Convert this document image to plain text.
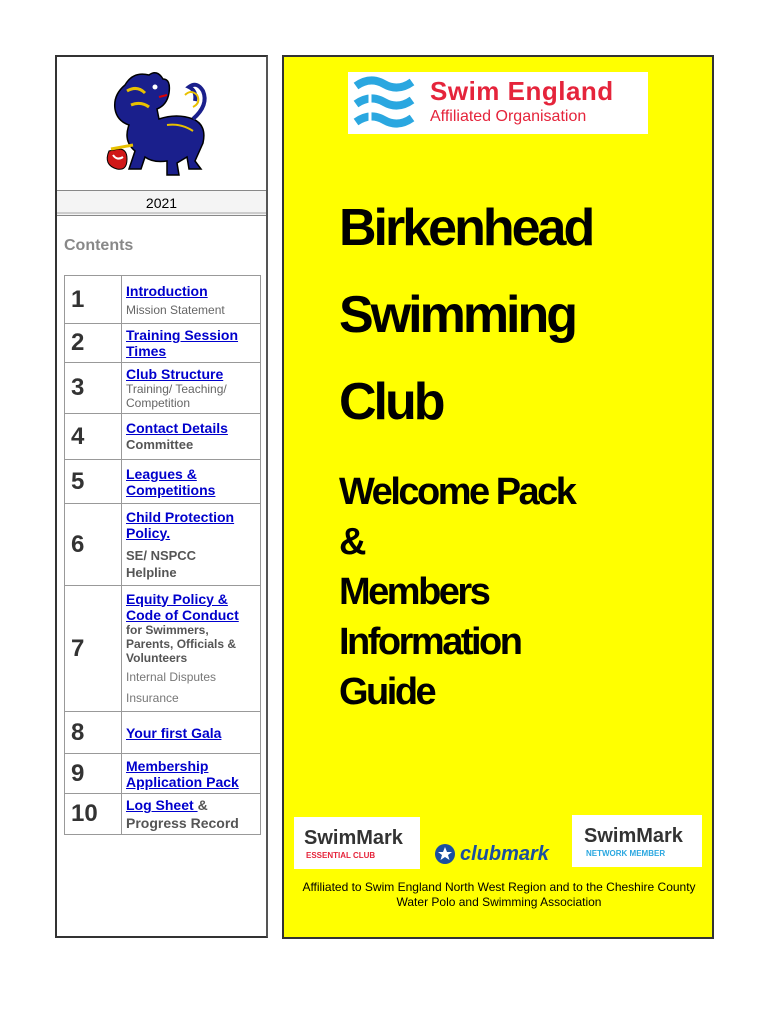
2021
Contents
1	Introduction
Mission Statement

2	Training Session Times

3	Club Structure
Training/ Teaching/ Competition

4	Contact Details
Committee

5	Leagues & Competitions

6	Child Protection Policy.
SE/ NSPCC
Helpline

7	Equity Policy & Code of Conduct
for Swimmers, Parents, Officials & Volunteers
Internal Disputes
Insurance

8	Your first Gala

9	Membership Application Pack

10	Log Sheet &
Progress Record
Swim England
Affiliated Organisation
Birkenhead
Swimming
Club
Welcome Pack
&
Members
Information
Guide
SwimMark
ESSENTIAL CLUB	clubmark
SwimMark
NETWORK MEMBER
Affiliated to Swim England North West Region and to the Cheshire County Water Polo and Swimming Association
